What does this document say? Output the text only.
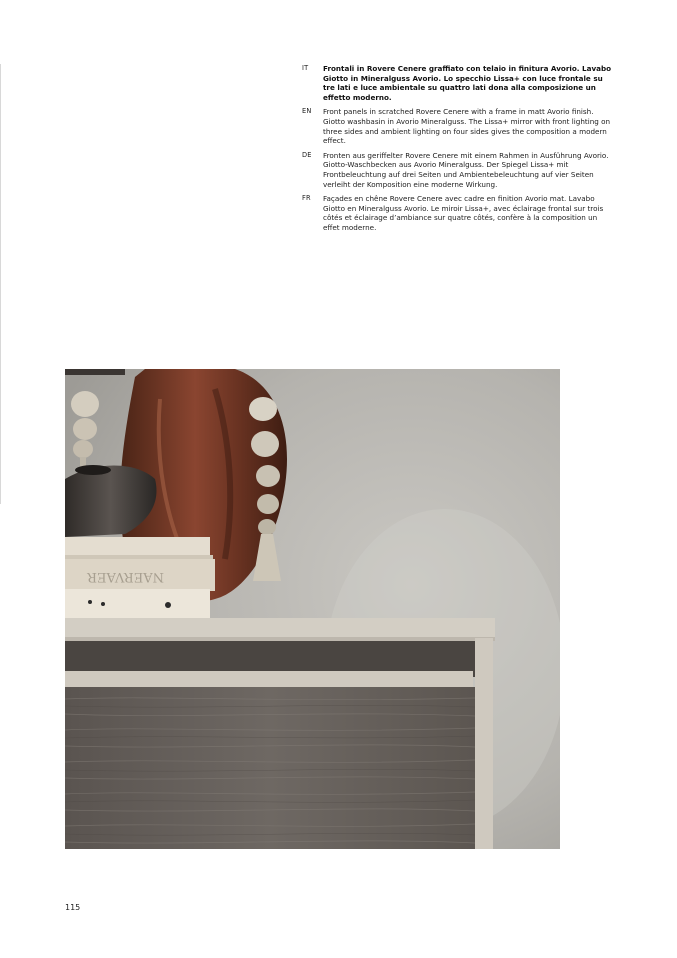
IT	Frontali in Rovere Cenere graffiato con telaio in finitura Avorio. Lavabo Giotto in Mineralguss Avorio. Lo specchio Lissa+ con luce frontale su tre lati e luce ambientale su quattro lati dona alla composizione un effetto moderno.
EN	Front panels in scratched Rovere Cenere with a frame in matt Avorio finish. Giotto washbasin in Avorio Mineralguss. The Lissa+ mirror with front lighting on three sides and ambient lighting on four sides gives the composition a modern effect.
DE	Fronten aus geriffelter Rovere Cenere mit einem Rahmen in Ausführung Avorio. Giotto-Waschbecken aus Avorio Mineralguss. Der Spiegel Lissa+ mit Frontbeleuchtung auf drei Seiten und Ambientebeleuchtung auf vier Seiten verleiht der Komposition eine moderne Wirkung.
FR	Façades en chêne Rovere Cenere avec cadre en finition Avorio mat. Lavabo Giotto en Mineralguss Avorio. Le miroir Lissa+, avec éclairage frontal sur trois côtés et éclairage d’ambiance sur quatre côtés, confère à la composition un effet moderne.
NAERVAER
115
